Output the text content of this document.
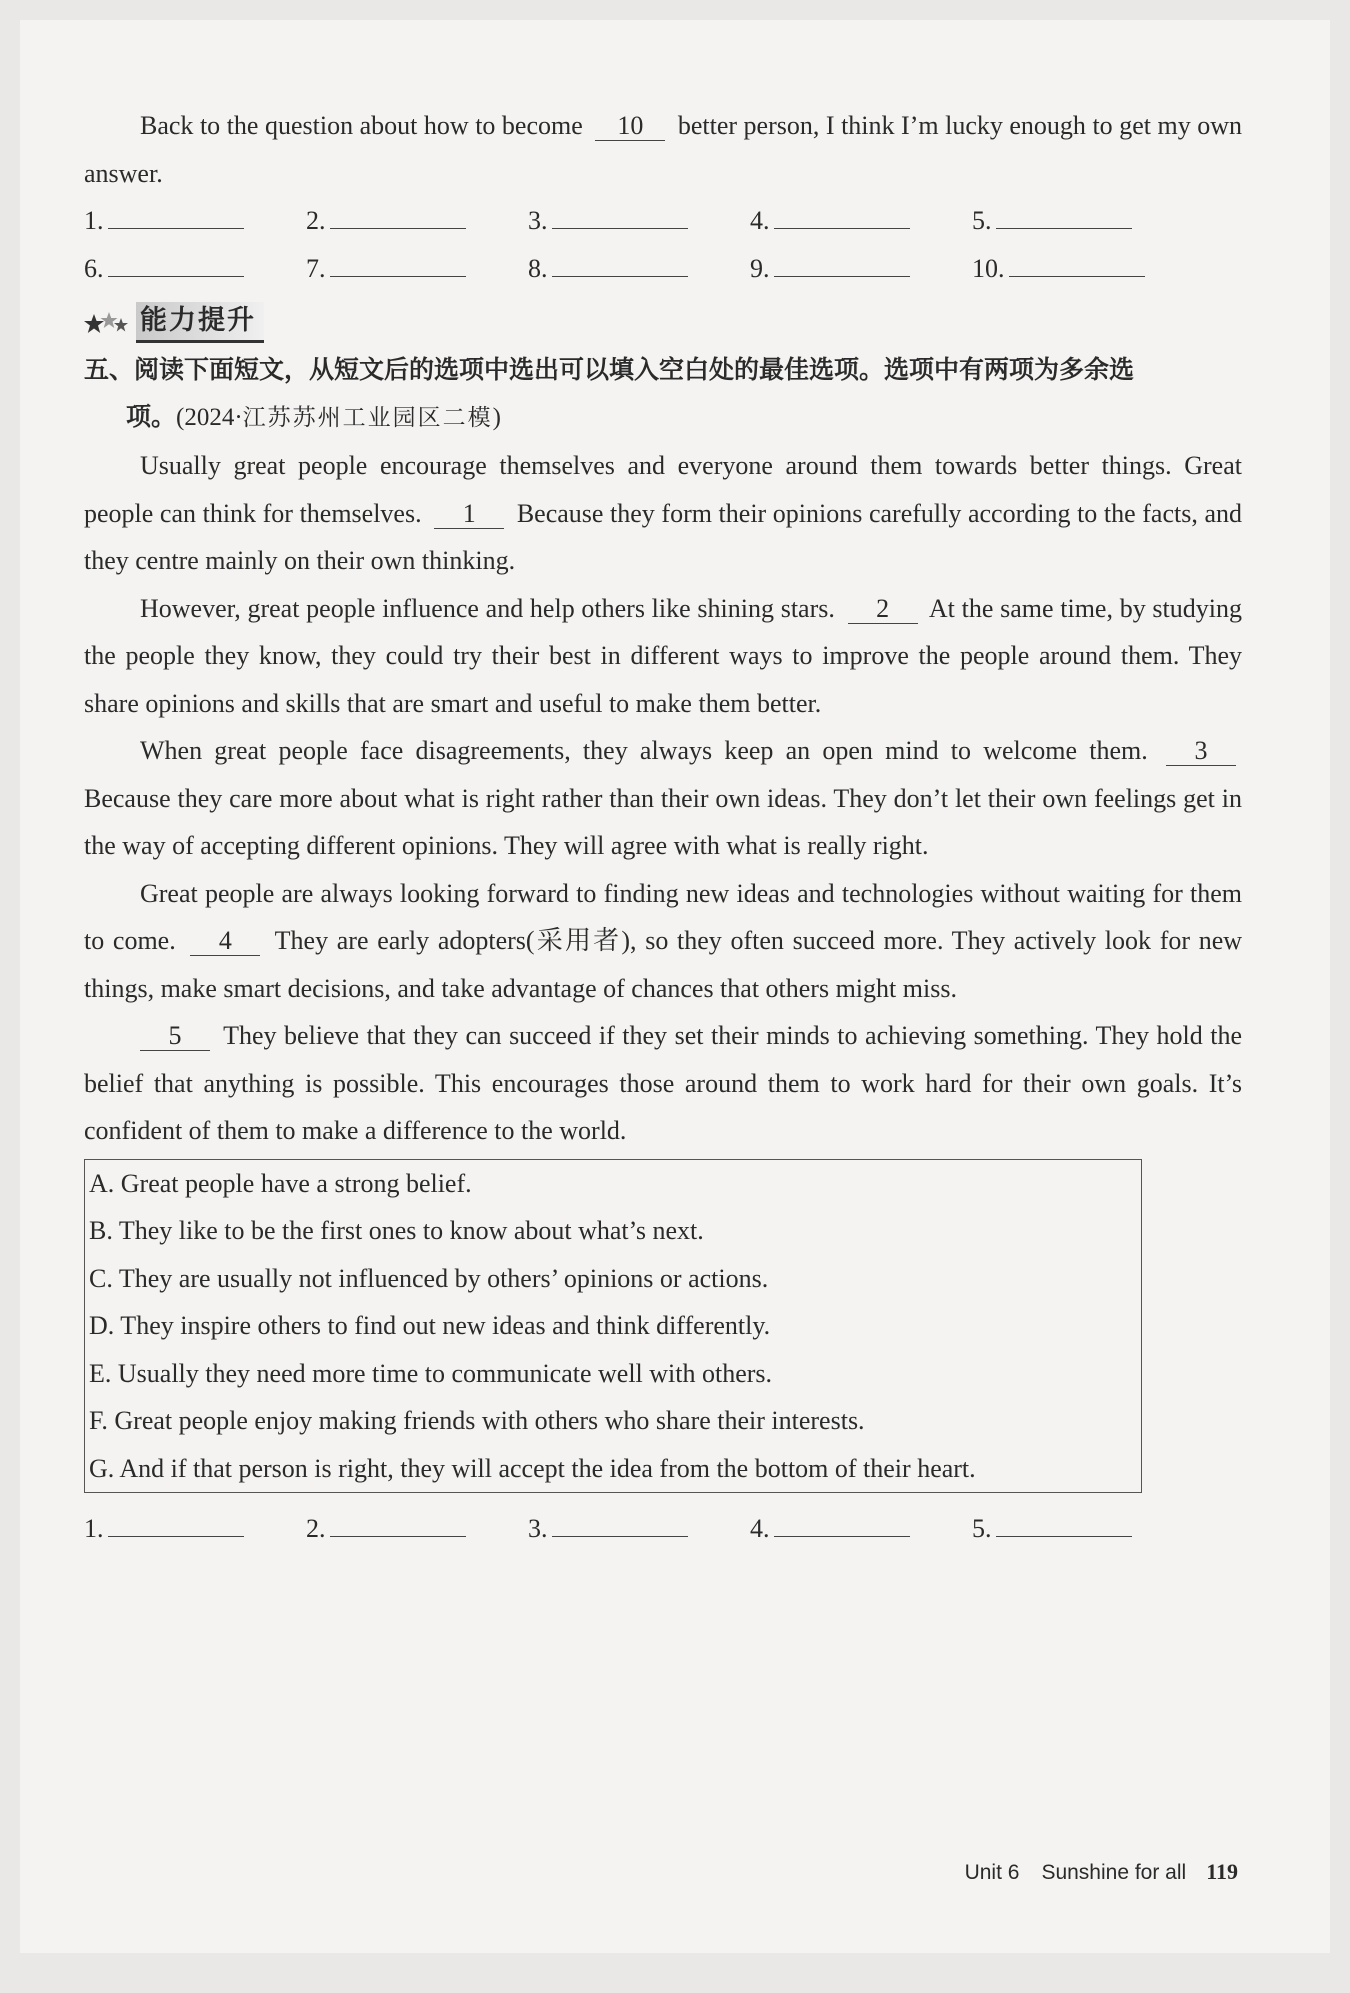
Back to the question about how to become 10 better person, I think I’m lucky enough to get my own answer.

1.	2.	3.	4.	5.
6.	7.	8.	9.	10.
能力提升
五、阅读下面短文，从短文后的选项中选出可以填入空白处的最佳选项。选项中有两项为多余选
项。(2024·江苏苏州工业园区二模)

Usually great people encourage themselves and everyone around them towards better things. Great people can think for themselves. 1 Because they form their opinions carefully according to the facts, and they centre mainly on their own thinking.

However, great people influence and help others like shining stars. 2 At the same time, by studying the people they know, they could try their best in different ways to improve the people around them. They share opinions and skills that are smart and useful to make them better.

When great people face disagreements, they always keep an open mind to welcome them. 3 Because they care more about what is right rather than their own ideas. They don’t let their own feelings get in the way of accepting different opinions. They will agree with what is really right.

Great people are always looking forward to finding new ideas and technologies without waiting for them to come. 4 They are early adopters(采用者), so they often succeed more. They actively look for new things, make smart decisions, and take advantage of chances that others might miss.

5 They believe that they can succeed if they set their minds to achieving something. They hold the belief that anything is possible. This encourages those around them to work hard for their own goals. It’s confident of them to make a difference to the world.

A. Great people have a strong belief.

B. They like to be the first ones to know about what’s next.

C. They are usually not influenced by others’ opinions or actions.

D. They inspire others to find out new ideas and think differently.

E. Usually they need more time to communicate well with others.

F. Great people enjoy making friends with others who share their interests.

G. And if that person is right, they will accept the idea from the bottom of their heart.

1.	2.	3.	4.	5.
Unit 6 Sunshine for all 119
